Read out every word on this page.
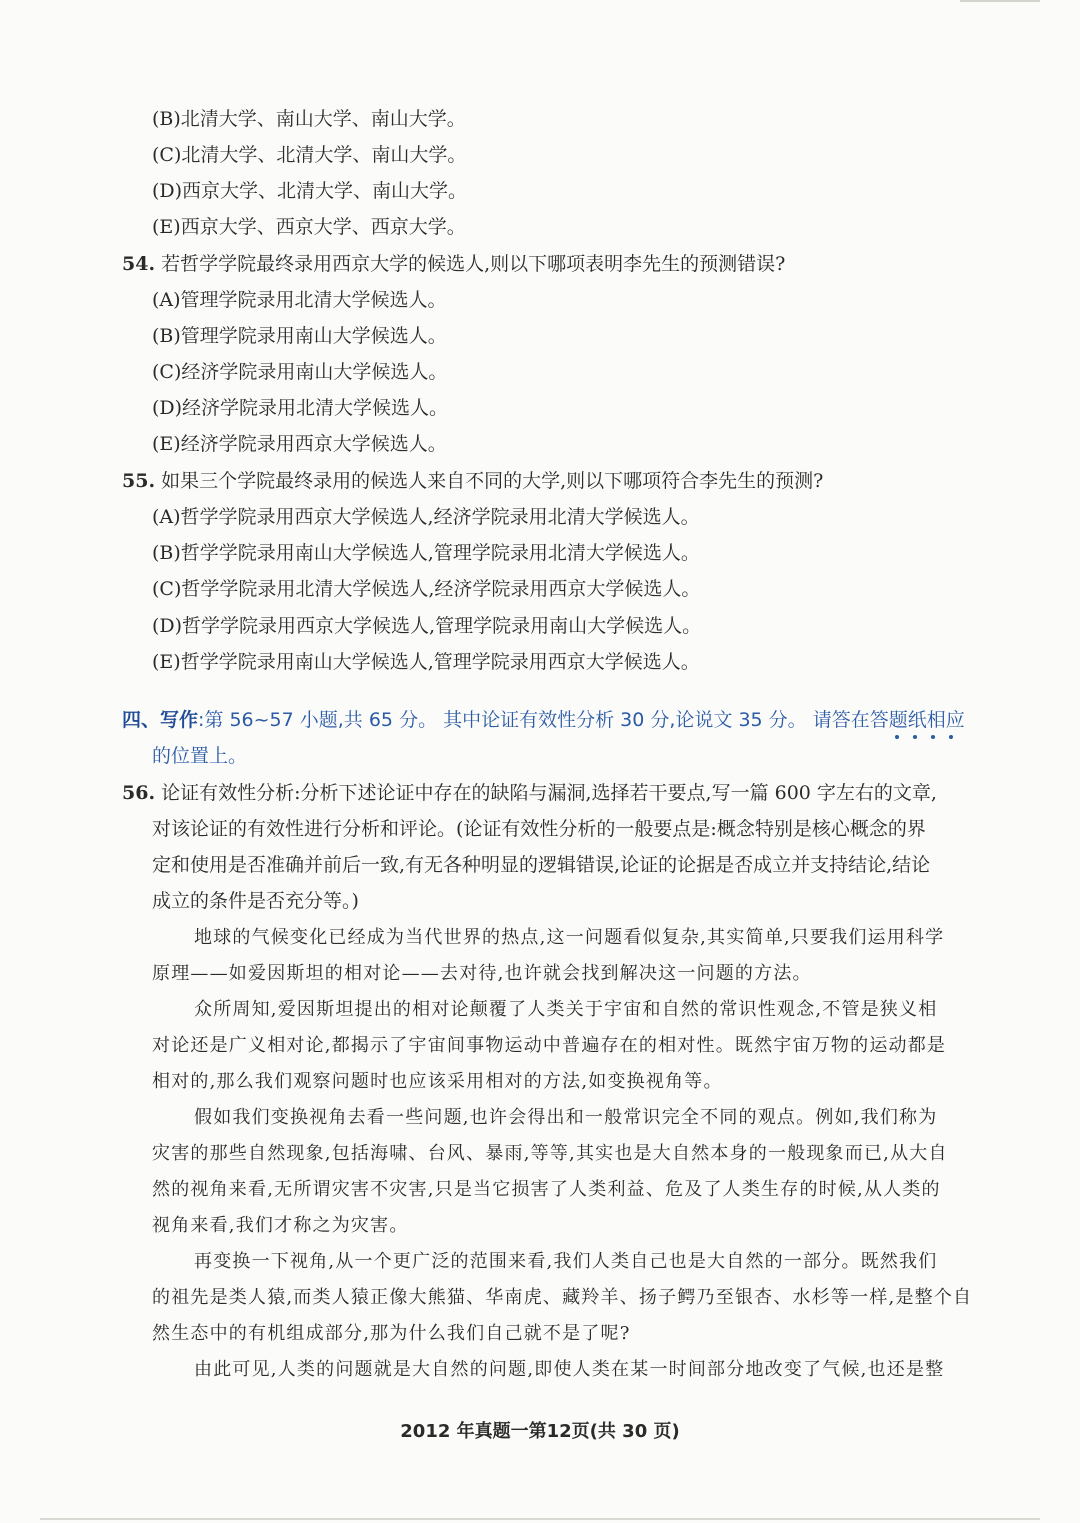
(B)北清大学、南山大学、南山大学。
(C)北清大学、北清大学、南山大学。
(D)西京大学、北清大学、南山大学。
(E)西京大学、西京大学、西京大学。
54. 若哲学学院最终录用西京大学的候选人,则以下哪项表明李先生的预测错误?
(A)管理学院录用北清大学候选人。
(B)管理学院录用南山大学候选人。
(C)经济学院录用南山大学候选人。
(D)经济学院录用北清大学候选人。
(E)经济学院录用西京大学候选人。
55. 如果三个学院最终录用的候选人来自不同的大学,则以下哪项符合李先生的预测?
(A)哲学学院录用西京大学候选人,经济学院录用北清大学候选人。
(B)哲学学院录用南山大学候选人,管理学院录用北清大学候选人。
(C)哲学学院录用北清大学候选人,经济学院录用西京大学候选人。
(D)哲学学院录用西京大学候选人,管理学院录用南山大学候选人。
(E)哲学学院录用南山大学候选人,管理学院录用西京大学候选人。
四、写作:第 56~57 小题,共 65 分。 其中论证有效性分析 30 分,论说文 35 分。 请答在答题纸相应
的位置上。
56. 论证有效性分析:分析下述论证中存在的缺陷与漏洞,选择若干要点,写一篇 600 字左右的文章,
对该论证的有效性进行分析和评论。(论证有效性分析的一般要点是:概念特别是核心概念的界
定和使用是否准确并前后一致,有无各种明显的逻辑错误,论证的论据是否成立并支持结论,结论
成立的条件是否充分等。)
地球的气候变化已经成为当代世界的热点,这一问题看似复杂,其实简单,只要我们运用科学
原理——如爱因斯坦的相对论——去对待,也许就会找到解决这一问题的方法。
众所周知,爱因斯坦提出的相对论颠覆了人类关于宇宙和自然的常识性观念,不管是狭义相
对论还是广义相对论,都揭示了宇宙间事物运动中普遍存在的相对性。既然宇宙万物的运动都是
相对的,那么我们观察问题时也应该采用相对的方法,如变换视角等。
假如我们变换视角去看一些问题,也许会得出和一般常识完全不同的观点。例如,我们称为
灾害的那些自然现象,包括海啸、台风、暴雨,等等,其实也是大自然本身的一般现象而已,从大自
然的视角来看,无所谓灾害不灾害,只是当它损害了人类利益、危及了人类生存的时候,从人类的
视角来看,我们才称之为灾害。
再变换一下视角,从一个更广泛的范围来看,我们人类自己也是大自然的一部分。既然我们
的祖先是类人猿,而类人猿正像大熊猫、华南虎、藏羚羊、扬子鳄乃至银杏、水杉等一样,是整个自
然生态中的有机组成部分,那为什么我们自己就不是了呢?
由此可见,人类的问题就是大自然的问题,即使人类在某一时间部分地改变了气候,也还是整
2012 年真题一第12页(共 30 页)
